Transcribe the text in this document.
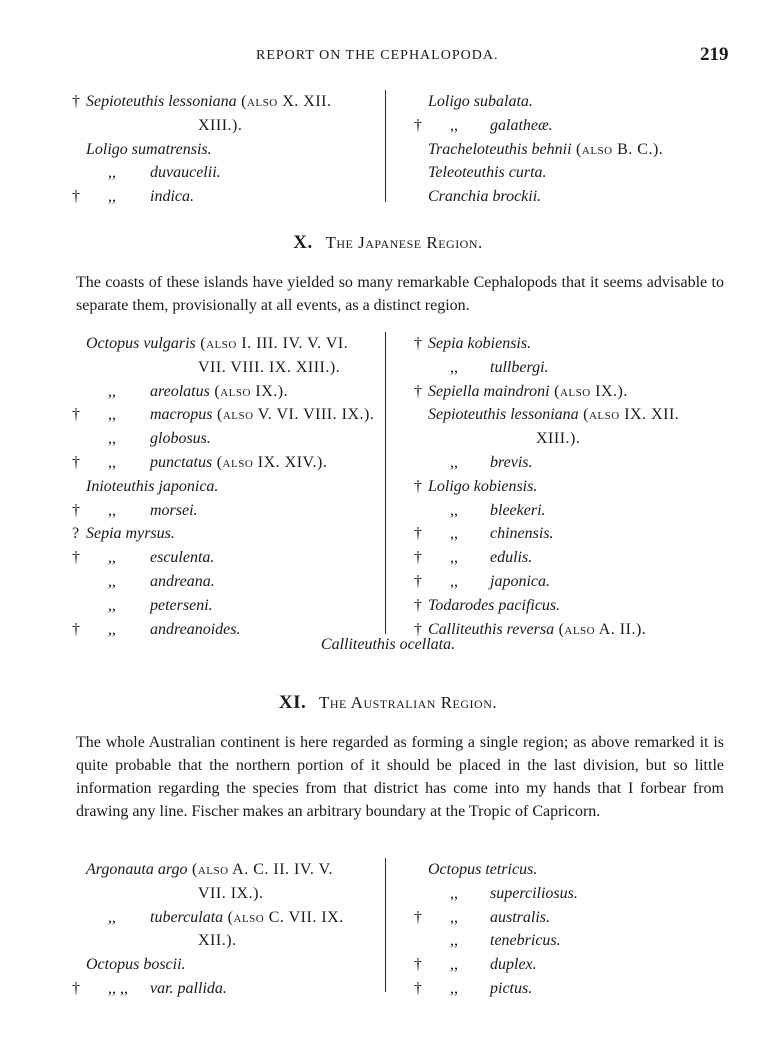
REPORT ON THE CEPHALOPODA.	219
† Sepioteuthis lessoniana (also X. XII.
XIII.).
Loligo sumatrensis.
,, duvaucelii.
†	,, indica.
Loligo subalata.
†	,, galatheæ.
Tracheloteuthis behnii (also B. C.).
Teleoteuthis curta.
Cranchia brockii.
X. The Japanese Region.
The coasts of these islands have yielded so many remarkable Cephalopods that it seems advisable to separate them, provisionally at all events, as a distinct region.
Octopus vulgaris (also I. III. IV. V. VI.
VII. VIII. IX. XIII.).
,, areolatus (also IX.).
†	,, macropus (also V. VI. VIII. IX.).
,, globosus.
†	,, punctatus (also IX. XIV.).
Inioteuthis japonica.
†	,, morsei.
? Sepia myrsus.
†	,, esculenta.
,, andreana.
,, peterseni.
†	,, andreanoides.
† Sepia kobiensis.
,, tullbergi.
† Sepiella maindroni (also IX.).
Sepioteuthis lessoniana (also IX. XII.
XIII.).
,, brevis.
† Loligo kobiensis.
,, bleekeri.
†	,, chinensis.
†	,, edulis.
†	,, japonica.
† Todarodes pacificus.
† Calliteuthis reversa (also A. II.).
Calliteuthis ocellata.
XI. The Australian Region.
The whole Australian continent is here regarded as forming a single region; as above remarked it is quite probable that the northern portion of it should be placed in the last division, but so little information regarding the species from that district has come into my hands that I forbear from drawing any line. Fischer makes an arbitrary boundary at the Tropic of Capricorn.
Argonauta argo (also A. C. II. IV. V.
VII. IX.).
,, tuberculata (also C. VII. IX.
XII.).
Octopus boscii.
†	,, ,, var. pallida.
Octopus tetricus.
,, superciliosus.
†	,, australis.
,, tenebricus.
†	,, duplex.
†	,, pictus.
